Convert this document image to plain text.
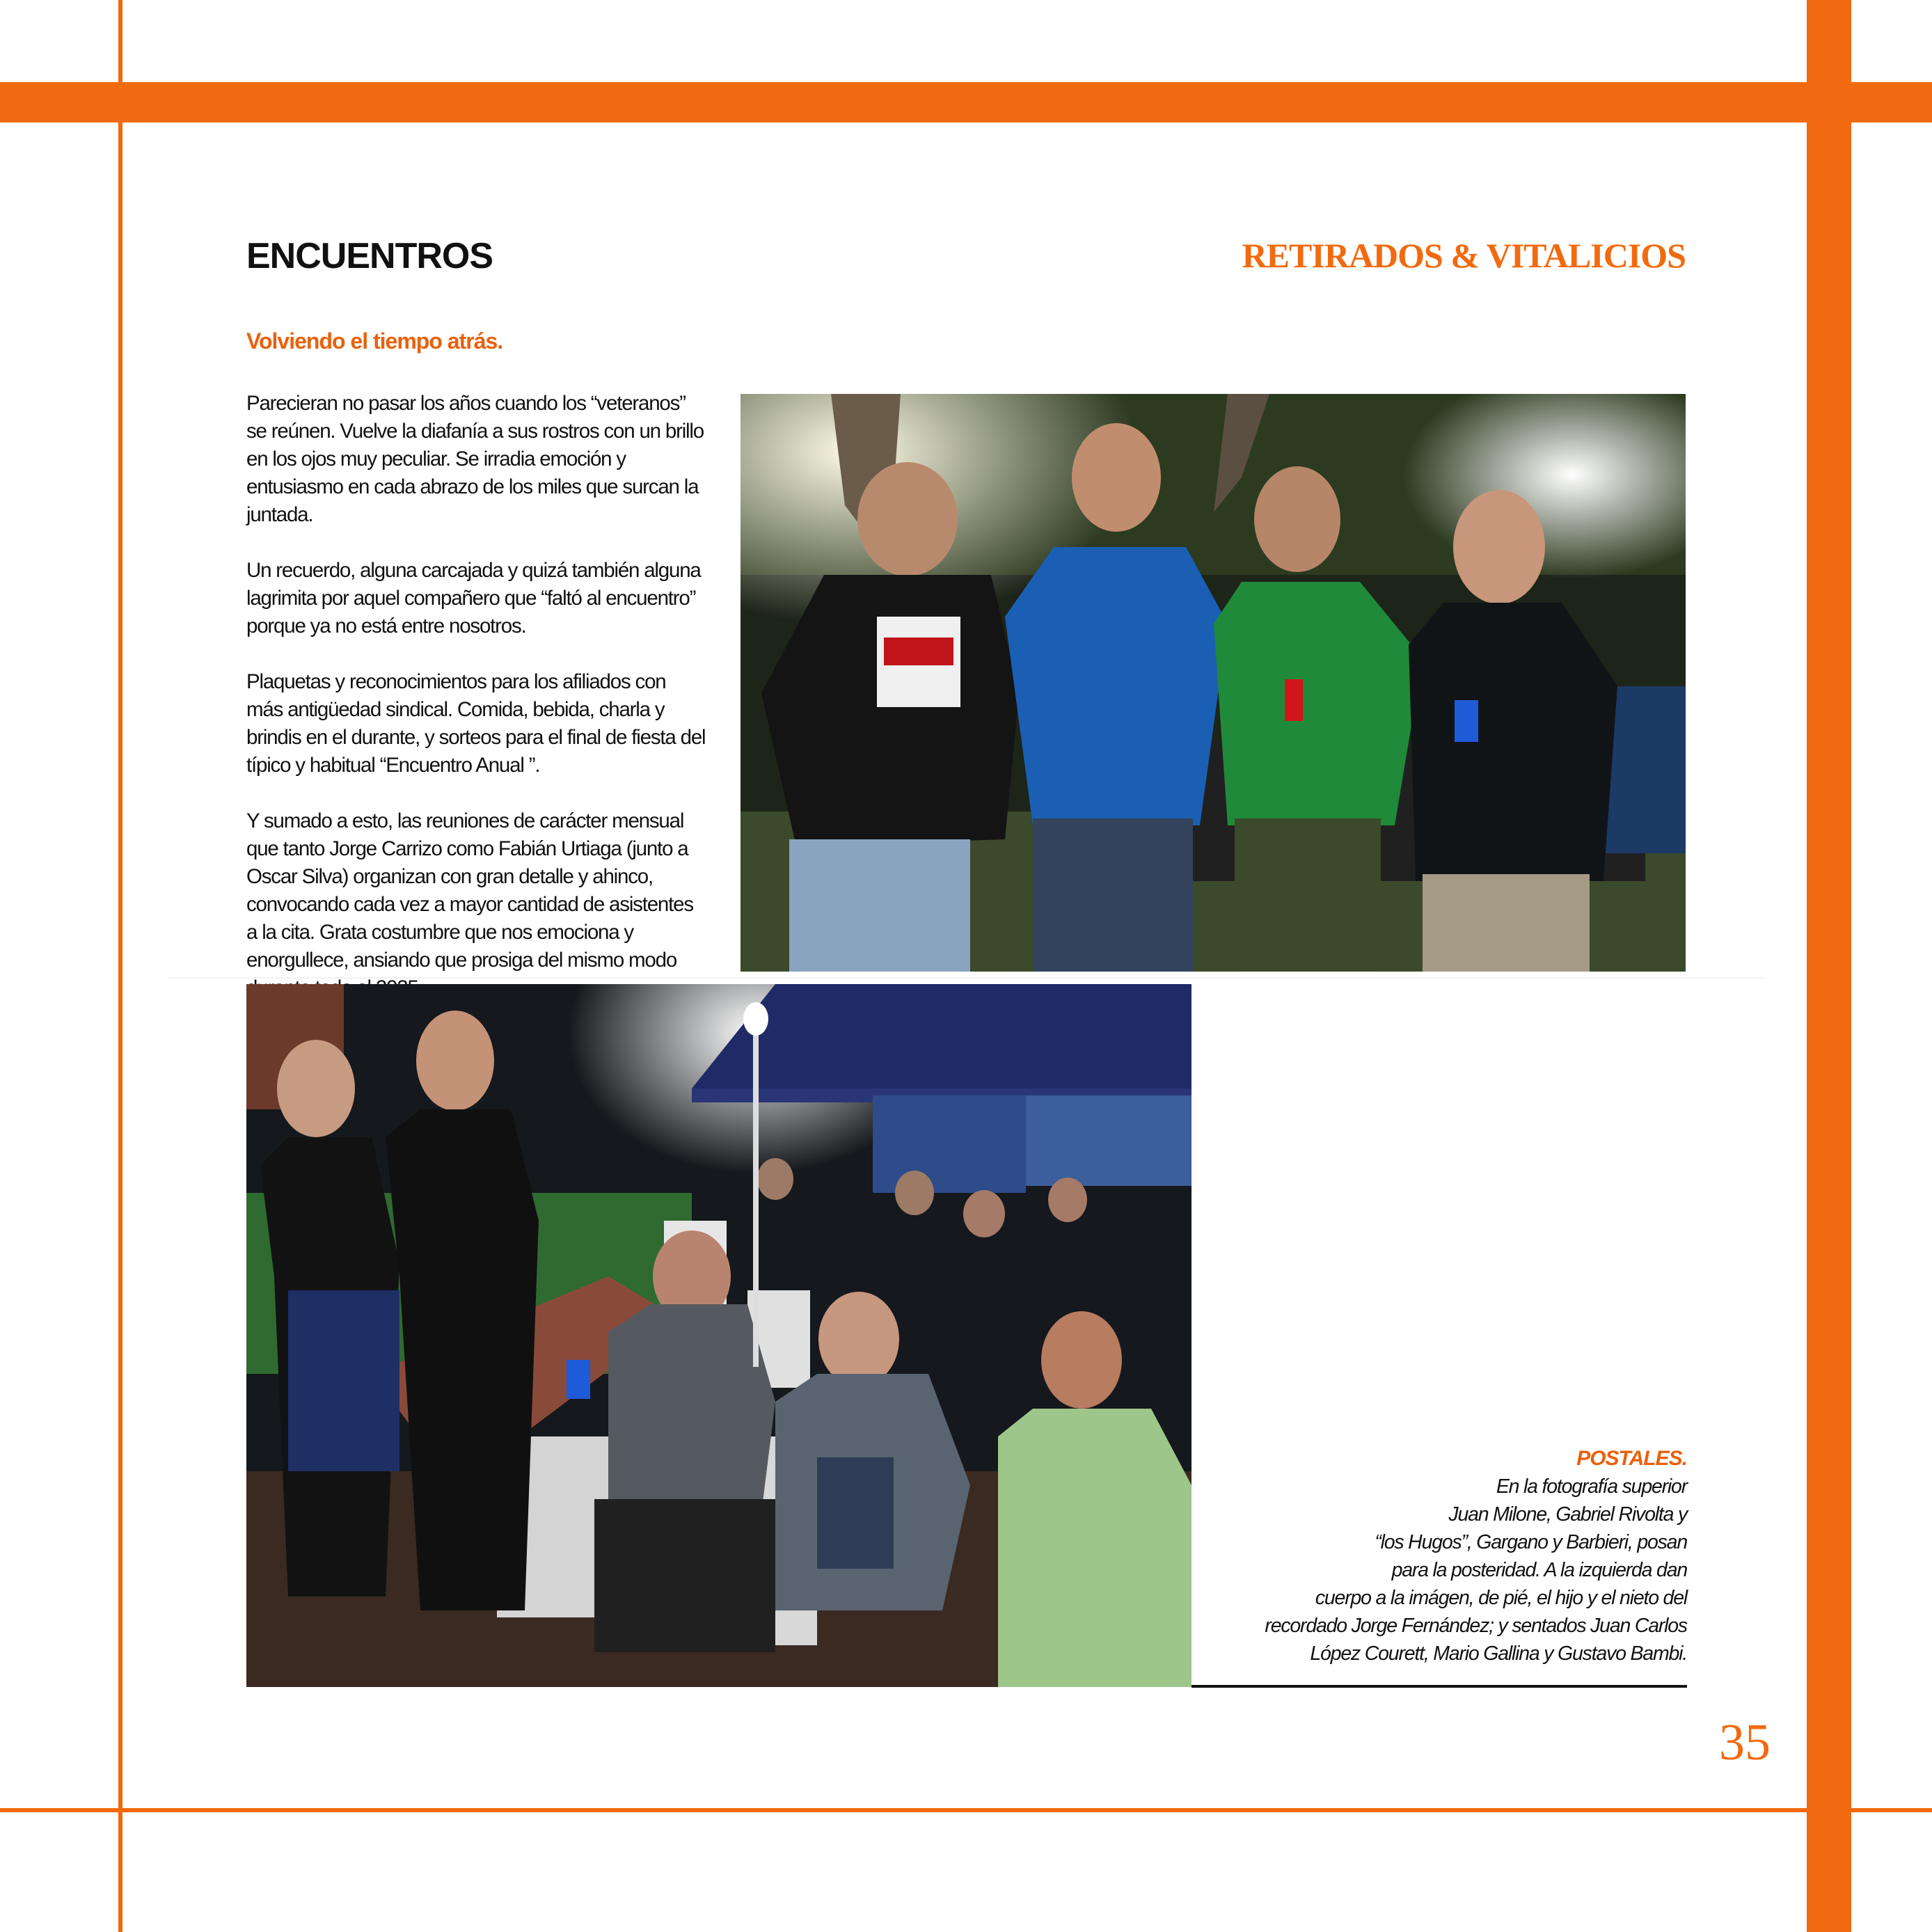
ENCUENTROS	RETIRADOS & VITALICIOS
Volviendo el tiempo atrás.

Parecieran no pasar los años cuando los “veteranos” se reúnen. Vuelve la diafanía a sus rostros con un brillo en los ojos muy peculiar. Se irradia emoción y entusiasmo en cada abrazo de los miles que surcan la juntada.

Un recuerdo, alguna carcajada y quizá también alguna lagrimita por aquel compañero que “faltó al encuentro” porque ya no está entre nosotros.

Plaquetas y reconocimientos para los afiliados con más antigüedad sindical. Comida, bebida, charla y brindis en el durante, y sorteos para el final de fiesta del típico y habitual “Encuentro Anual ”.

Y sumado a esto, las reuniones de carácter mensual que tanto Jorge Carrizo como Fabián Urtiaga (junto a Oscar Silva) organizan con gran detalle y ahinco, convocando cada vez a mayor cantidad de asistentes a la cita. Grata costumbre que nos emociona y enorgullece, ansiando que prosiga del mismo modo

POSTALES.
En la fotografía superior
Juan Milone, Gabriel Rivolta y
“los Hugos”, Gargano y Barbieri, posan
para la posteridad. A la izquierda dan
cuerpo a la imágen, de pié, el hijo y el nieto del
recordado Jorge Fernández; y sentados Juan Carlos
López Courett, Mario Gallina y Gustavo Bambi.
35
